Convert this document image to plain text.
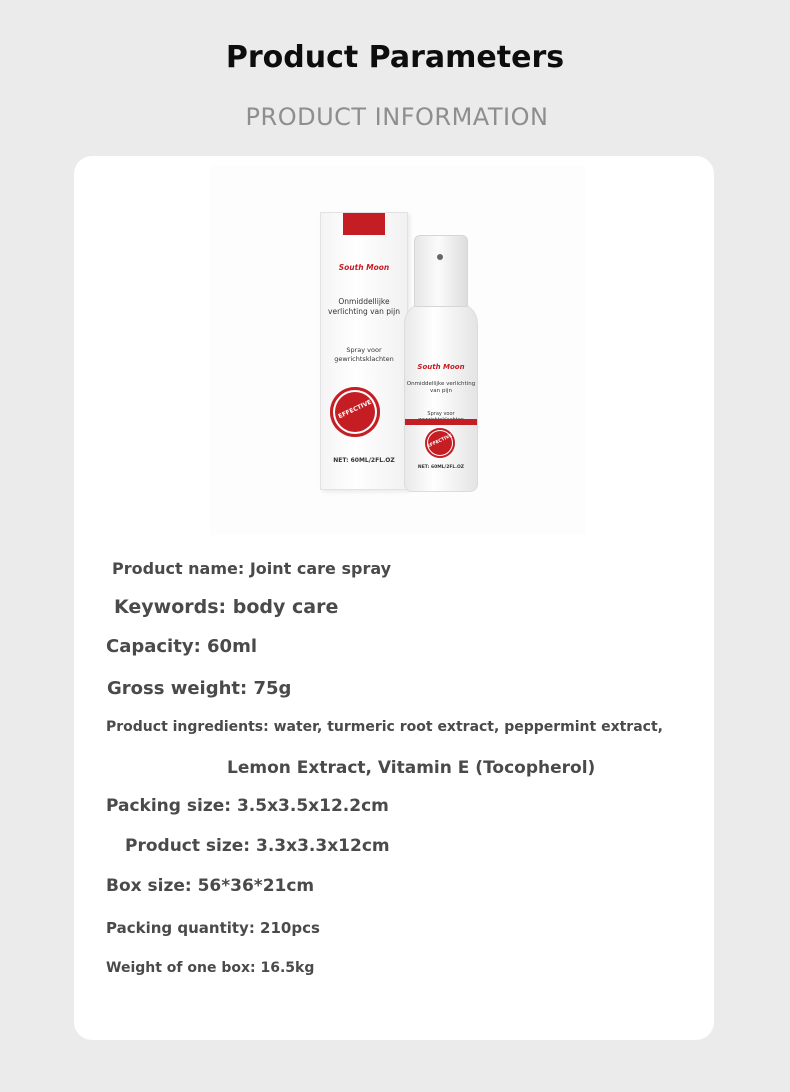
Product Parameters
PRODUCT INFORMATION
South Moon
Onmiddellijke verlichting van pijn
Spray voor gewrichtsklachten
EFFECTIVE
NET: 60ML/2FL.OZ
South Moon
Onmiddellijke verlichting van pijn
Spray voor
EFFECTIVE
NET: 60ML/2FL.OZ
Product name: Joint care spray
Keywords: body care
Capacity: 60ml
Gross weight: 75g
Product ingredients: water, turmeric root extract, peppermint extract,
Lemon Extract, Vitamin E (Tocopherol)
Packing size: 3.5x3.5x12.2cm
Product size: 3.3x3.3x12cm
Box size: 56*36*21cm
Packing quantity: 210pcs
Weight of one box: 16.5kg
